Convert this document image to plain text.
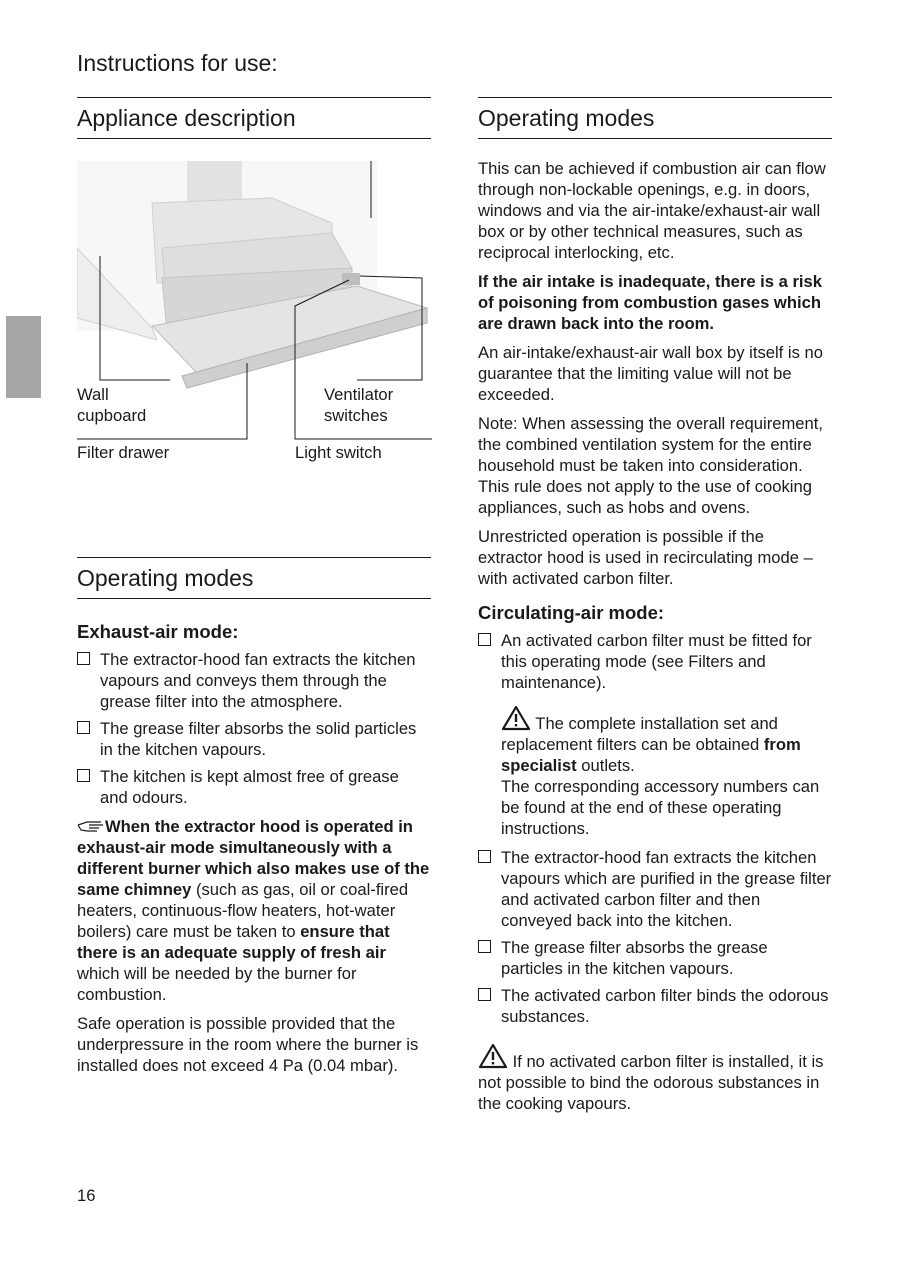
Instructions for use:
Appliance description
Wall
cupboard
Ventilator
switches
Filter drawer	Light switch
Operating modes
Exhaust-air mode:
The extractor-hood fan extracts the kitchen vapours and conveys them through the grease filter into the atmosphere.
The grease filter absorbs the solid particles in the kitchen vapours.
The kitchen is kept almost free of grease and odours.

When the extractor hood is operated in exhaust-air mode simultaneously with a different burner which also makes use of the same chimney (such as gas, oil or coal-fired heaters, continuous-flow heaters, hot-water boilers) care must be taken to ensure that there is an adequate supply of fresh air which will be needed by the burner for combustion.

Safe operation is possible provided that the underpressure in the room where the burner is installed does not exceed 4 Pa (0.04 mbar).

Operating modes

This can be achieved if combustion air can flow through non-lockable openings, e.g. in doors, windows and via the air-intake/exhaust-air wall box or by other technical measures, such as reciprocal interlocking, etc.

If the air intake is inadequate, there is a risk of poisoning from combustion gases which are drawn back into the room.

An air-intake/exhaust-air wall box by itself is no guarantee that the limiting value will not be exceeded.

Note: When assessing the overall requirement, the combined ventilation system for the entire household must be taken into consideration. This rule does not apply to the use of cooking appliances, such as hobs and ovens.

Unrestricted operation is possible if the extractor hood is used in recirculating mode – with activated carbon filter.

Circulating-air mode:
An activated carbon filter must be fitted for this operating mode (see Filters and maintenance).

The complete installation set and replacement filters can be obtained from specialist outlets.
The corresponding accessory numbers can be found at the end of these operating instructions.

The extractor-hood fan extracts the kitchen vapours which are purified in the grease filter and activated carbon filter and then conveyed back into the kitchen.
The grease filter absorbs the grease particles in the kitchen vapours.
The activated carbon filter binds the odorous substances.

If no activated carbon filter is installed, it is not possible to bind the odorous substances in the cooking vapours.

16
